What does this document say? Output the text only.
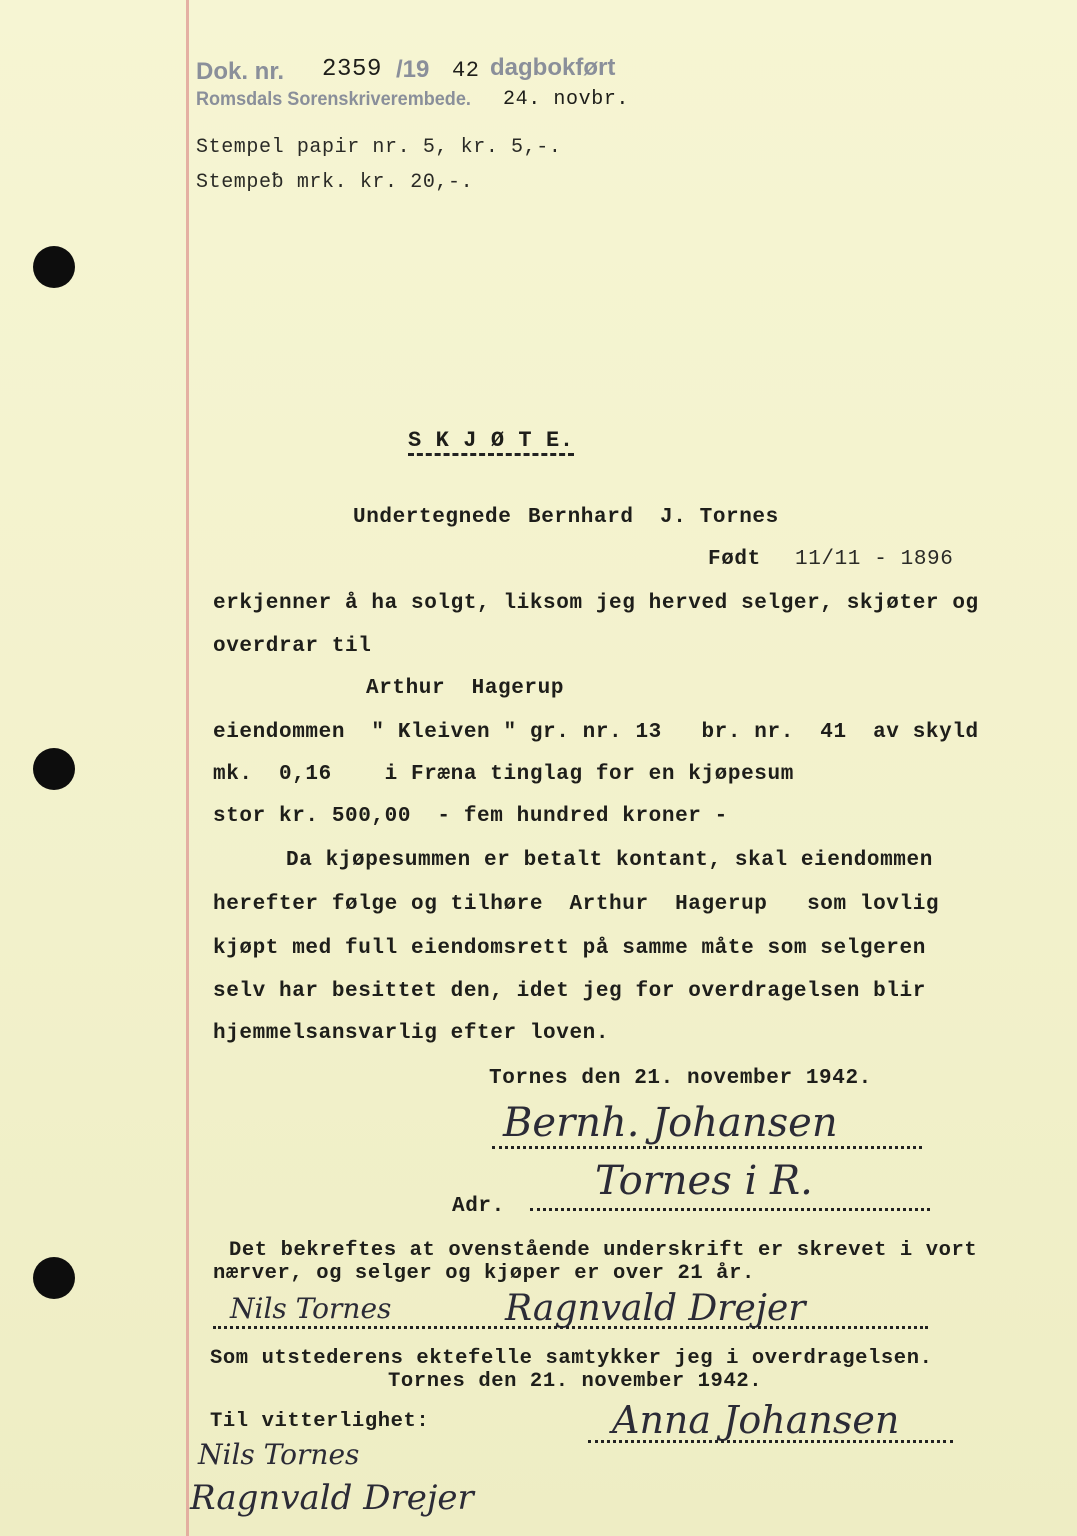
Dok. nr. 2359 /19 42 dagbokført
Romsdals Sorenskriverembede. 24. novbr.
Stempel papir nr. 5, kr. 5,-.
Stempeƀ mrk. kr. 20,-.
S K J Ø T E.
Undertegnede Bernhard  J. Tornes
Født 11/11 - 1896
erkjenner å ha solgt, liksom jeg herved selger, skjøter og
overdrar til
Arthur  Hagerup
eiendommen  " Kleiven " gr. nr. 13   br. nr.  41  av skyld
mk.  0,16    i Fræna tinglag for en kjøpesum
stor kr. 500,00  - fem hundred kroner -
Da kjøpesummen er betalt kontant, skal eiendommen
herefter følge og tilhøre  Arthur  Hagerup   som lovlig
kjøpt med full eiendomsrett på samme måte som selgeren
selv har besittet den, idet jeg for overdragelsen blir
hjemmelsansvarlig efter loven.
Tornes den 21. november 1942.
Bernh. Johansen
Adr.
Tornes i R.
Det bekreftes at ovenstående underskrift er skrevet i vort
nærver, og selger og kjøper er over 21 år.
Nils Tornes	Ragnvald Drejer
Som utstederens ektefelle samtykker jeg i overdragelsen.
Tornes den 21. november 1942.
Til vitterlighet:	Anna Johansen
Nils Tornes
Ragnvald Drejer
